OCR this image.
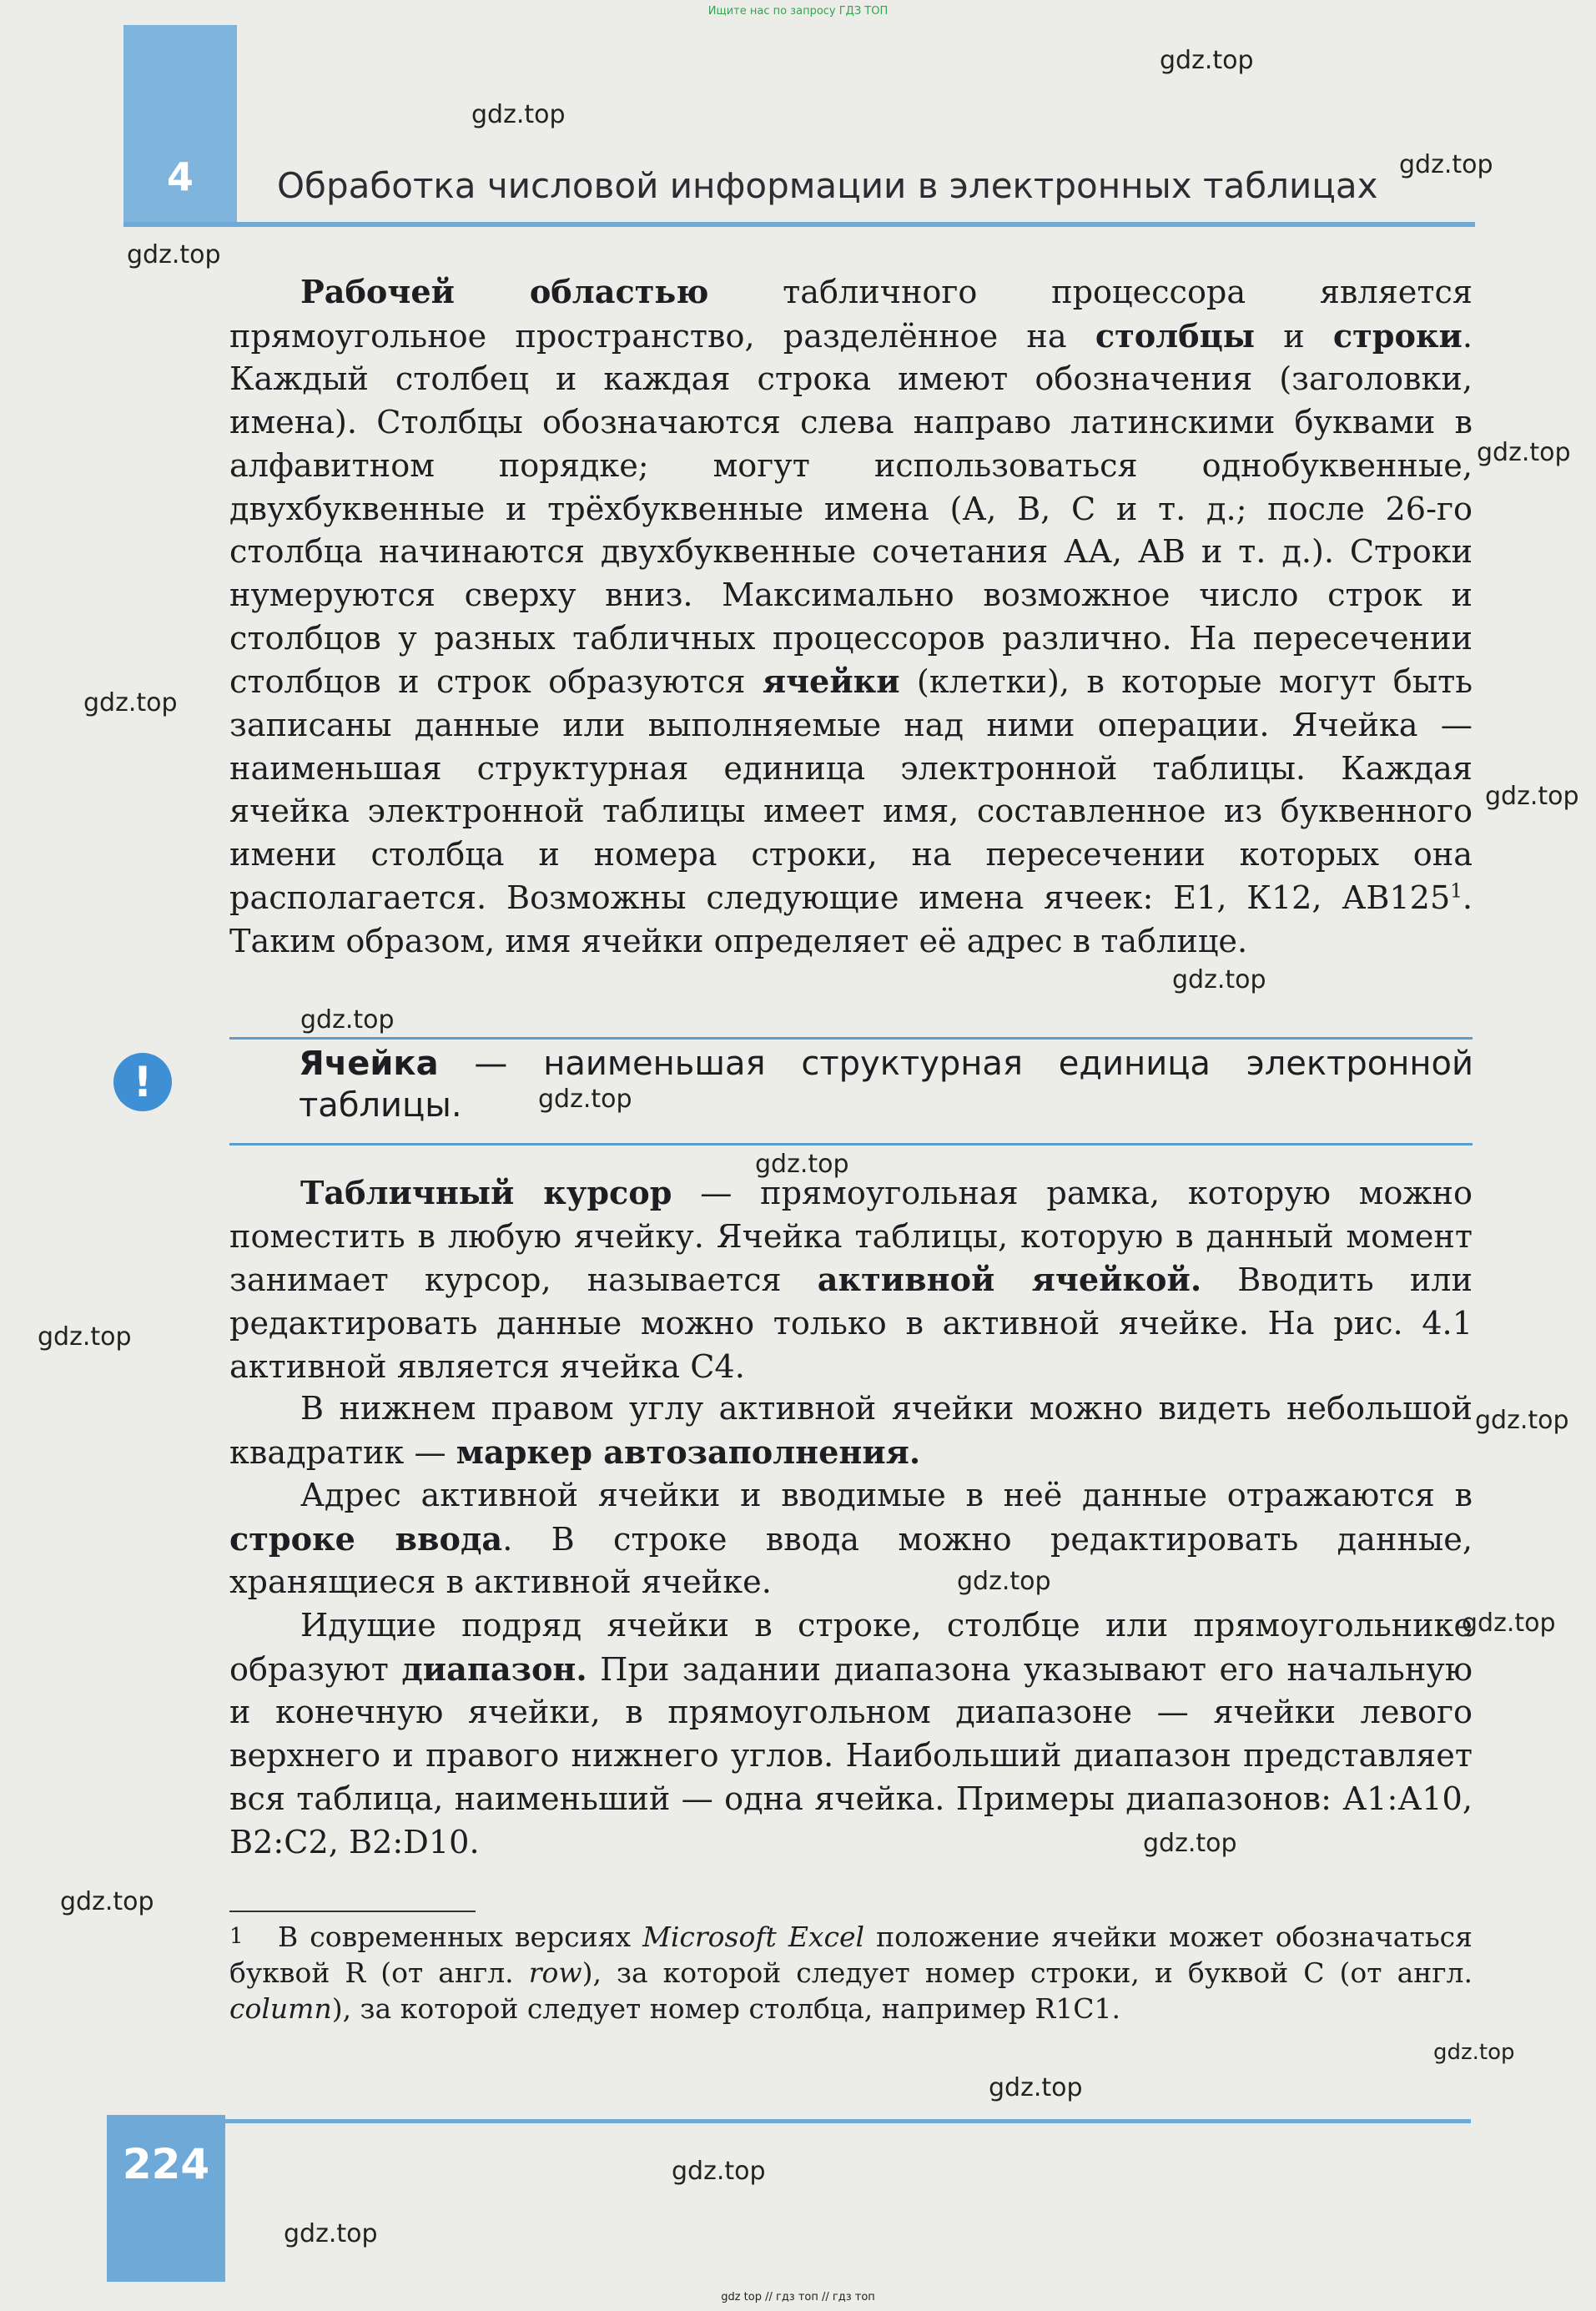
Ищите нас по запросу ГДЗ ТОП
4	Обработка числовой информации в электронных таблицах

Рабочей областью табличного процессора является прямоугольное пространство, разделённое на столбцы и строки. Каждый столбец и каждая строка имеют обозначения (заголовки, имена). Столбцы обозначаются слева направо латинскими буквами в алфавитном порядке; могут использоваться однобуквенные, двухбуквенные и трёхбуквенные имена (А, В, С и т. д.; после 26-го столбца начинаются двухбуквенные сочетания АА, АВ и т. д.). Строки нумеруются сверху вниз. Максимально возможное число строк и столбцов у разных табличных процессоров различно. На пересечении столбцов и строк образуются ячейки (клетки), в которые могут быть записаны данные или выполняемые над ними операции. Ячейка — наименьшая структурная единица электронной таблицы. Каждая ячейка электронной таблицы имеет имя, составленное из буквенного имени столбца и номера строки, на пересечении которых она располагается. Возможны следующие имена ячеек: Е1, К12, $АВ125^1$. Таким образом, имя ячейки определяет её адрес в таблице.

!	Ячейка — наименьшая структурная единица электронной таблицы.

Табличный курсор — прямоугольная рамка, которую можно поместить в любую ячейку. Ячейка таблицы, которую в данный момент занимает курсор, называется активной ячейкой. Вводить или редактировать данные можно только в активной ячейке. На рис. 4.1 активной является ячейка С4.

В нижнем правом углу активной ячейки можно видеть небольшой квадратик — маркер автозаполнения.

Адрес активной ячейки и вводимые в неё данные отражаются в строке ввода. В строке ввода можно редактировать данные, хранящиеся в активной ячейке.

Идущие подряд ячейки в строке, столбце или прямоугольнике образуют диапазон. При задании диапазона указывают его начальную и конечную ячейки, в прямоугольном диапазоне — ячейки левого верхнего и правого нижнего углов. Наибольший диапазон представляет вся таблица, наименьший — одна ячейка. Примеры диапазонов: А1:А10, В2:С2, В2:D10.

1 В современных версиях Microsoft Excel положение ячейки может обозначаться буквой R (от англ. row), за которой следует номер строки, и буквой С (от англ. column), за которой следует номер столбца, например R1C1.

224
gdz.top
gdz.top
gdz.top
gdz.top
gdz.top
gdz.top
gdz.top
gdz.top
gdz.top
gdz.top
gdz.top
gdz.top
gdz.top
gdz.top
gdz.top
gdz.top
gdz.top
gdz.top
gdz.top
gdz.top
gdz.top
gdz top // гдз топ // гдз топ
